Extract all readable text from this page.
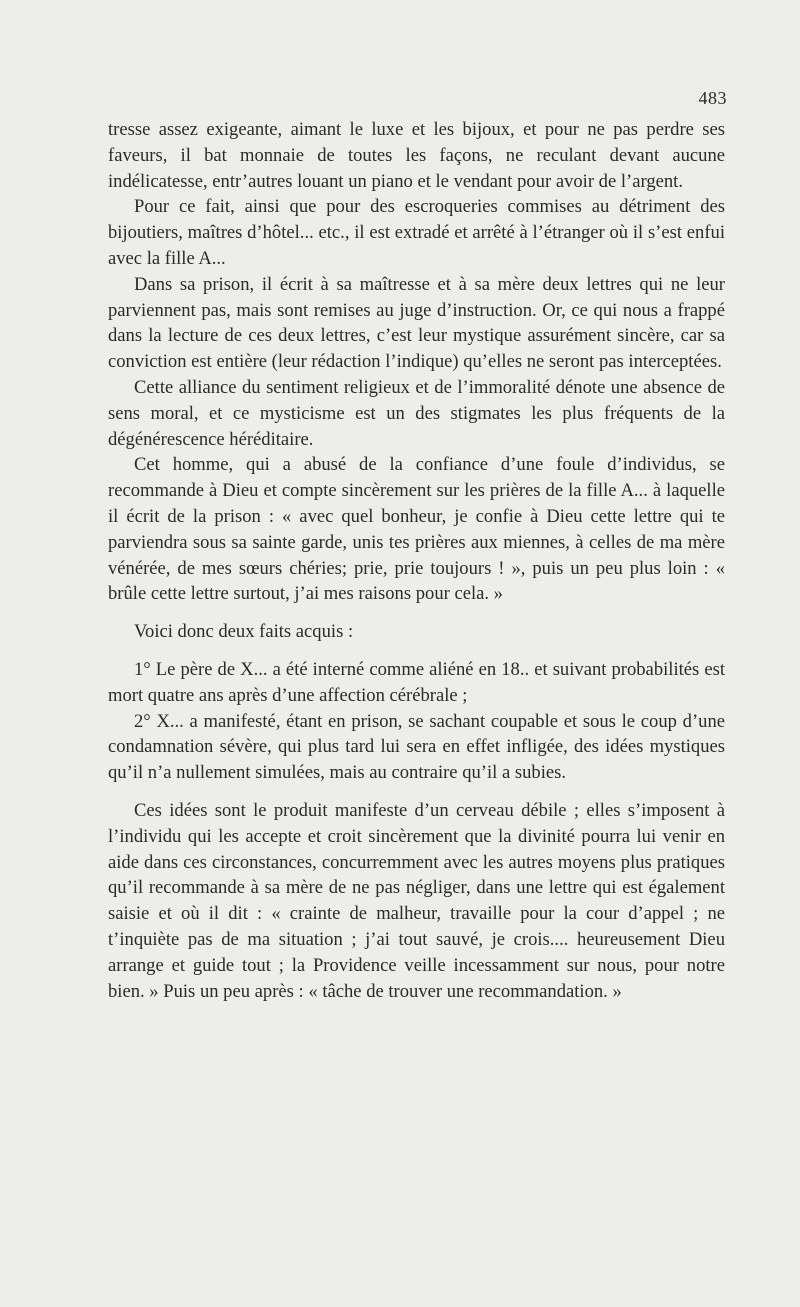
483

tresse assez exigeante, aimant le luxe et les bijoux, et pour ne pas perdre ses faveurs, il bat monnaie de toutes les façons, ne reculant devant aucune indélicatesse, entr’autres louant un piano et le vendant pour avoir de l’argent.

Pour ce fait, ainsi que pour des escroqueries commises au détriment des bijoutiers, maîtres d’hôtel... etc., il est extradé et arrêté à l’étranger où il s’est enfui avec la fille A...

Dans sa prison, il écrit à sa maîtresse et à sa mère deux lettres qui ne leur parviennent pas, mais sont remises au juge d’instruction. Or, ce qui nous a frappé dans la lecture de ces deux lettres, c’est leur mystique assurément sincère, car sa conviction est entière (leur rédaction l’indique) qu’elles ne seront pas interceptées.

Cette alliance du sentiment religieux et de l’immoralité dénote une absence de sens moral, et ce mysticisme est un des stigmates les plus fréquents de la dégénérescence héréditaire.

Cet homme, qui a abusé de la confiance d’une foule d’individus, se recommande à Dieu et compte sincèrement sur les prières de la fille A... à laquelle il écrit de la prison : « avec quel bonheur, je confie à Dieu cette lettre qui te parviendra sous sa sainte garde, unis tes prières aux miennes, à celles de ma mère vénérée, de mes sœurs chéries; prie, prie toujours ! », puis un peu plus loin : « brûle cette lettre surtout, j’ai mes raisons pour cela. »

Voici donc deux faits acquis :

1° Le père de X... a été interné comme aliéné en 18.. et suivant probabilités est mort quatre ans après d’une affection cérébrale ;

2° X... a manifesté, étant en prison, se sachant coupable et sous le coup d’une condamnation sévère, qui plus tard lui sera en effet infligée, des idées mystiques qu’il n’a nullement simulées, mais au contraire qu’il a subies.

Ces idées sont le produit manifeste d’un cerveau débile ; elles s’imposent à l’individu qui les accepte et croit sincèrement que la divinité pourra lui venir en aide dans ces circonstances, concurremment avec les autres moyens plus pratiques qu’il recommande à sa mère de ne pas négliger, dans une lettre qui est également saisie et où il dit : « crainte de malheur, travaille pour la cour d’appel ; ne t’inquiète pas de ma situation ; j’ai tout sauvé, je crois.... heureusement Dieu arrange et guide tout ; la Providence veille incessamment sur nous, pour notre bien. » Puis un peu après : « tâche de trouver une recommandation. »
